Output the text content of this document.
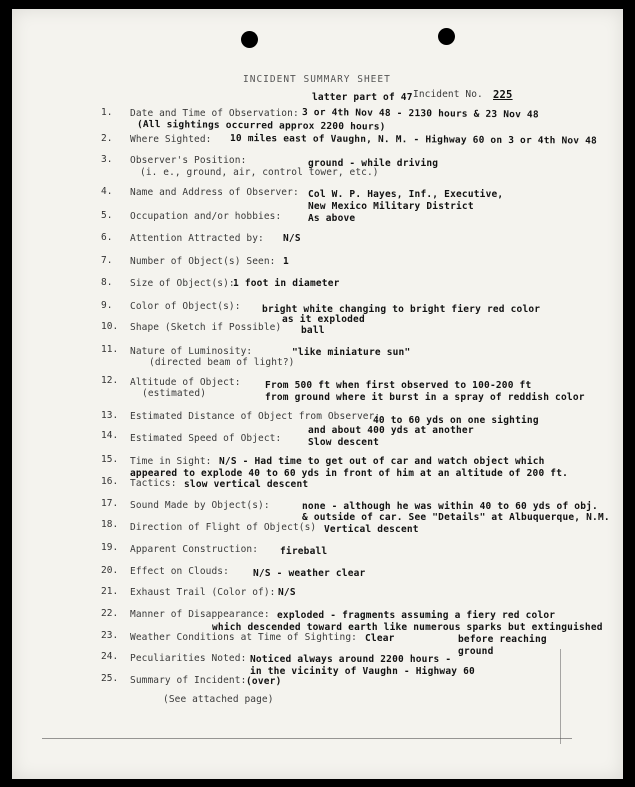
INCIDENT SUMMARY SHEET
latter part of 47 Incident No. 225
1. Date and Time of Observation: 3 or 4th Nov 48 - 2130 hours & 23 Nov 48
(All sightings occurred approx 2200 hours)
2. Where Sighted: 10 miles east of Vaughn, N. M. - Highway 60 on 3 or 4th Nov 48
3. Observer's Position:
(i. e., ground, air, control tower, etc.)
ground - while driving
4. Name and Address of Observer: Col W. P. Hayes, Inf., Executive,
New Mexico Military District
5. Occupation and/or hobbies:	As above
6. Attention Attracted by: N/S
7. Number of Object(s) Seen: 1
8. Size of Object(s):
1 foot in diameter
9. Color of Object(s): bright white changing to bright fiery red color
as it exploded
10. Shape (Sketch if Possible) ball
11. Nature of Luminosity:
(directed beam of light?)
"like miniature sun"
12. Altitude of Object:
(estimated)
From 500 ft when first observed to 100-200 ft
from ground where it burst in a spray of reddish color
13. Estimated Distance of Object from Observer:
40 to 60 yds on one sighting
14. Estimated Speed of Object:
and about 400 yds at another
Slow descent
15. Time in Sight: N/S - Had time to get out of car and watch object which
appeared to explode 40 to 60 yds in front of him at an altitude of 200 ft.
16. Tactics: slow vertical descent
17. Sound Made by Object(s):	none - although he was within 40 to 60 yds of obj.
& outside of car. See "Details" at Albuquerque, N.M.
18. Direction of Flight of Object(s) Vertical descent
19. Apparent Construction: fireball
20. Effect on Clouds:	N/S - weather clear
21. Exhaust Trail (Color of): N/S
22. Manner of Disappearance: exploded - fragments assuming a fiery red color
which descended toward earth like numerous sparks but extinguished
before reaching
ground
23. Weather Conditions at Time of Sighting: Clear
24. Peculiarities Noted: Noticed always around 2200 hours -
in the vicinity of Vaughn - Highway 60
25. Summary of Incident: (over)
(See attached page)
